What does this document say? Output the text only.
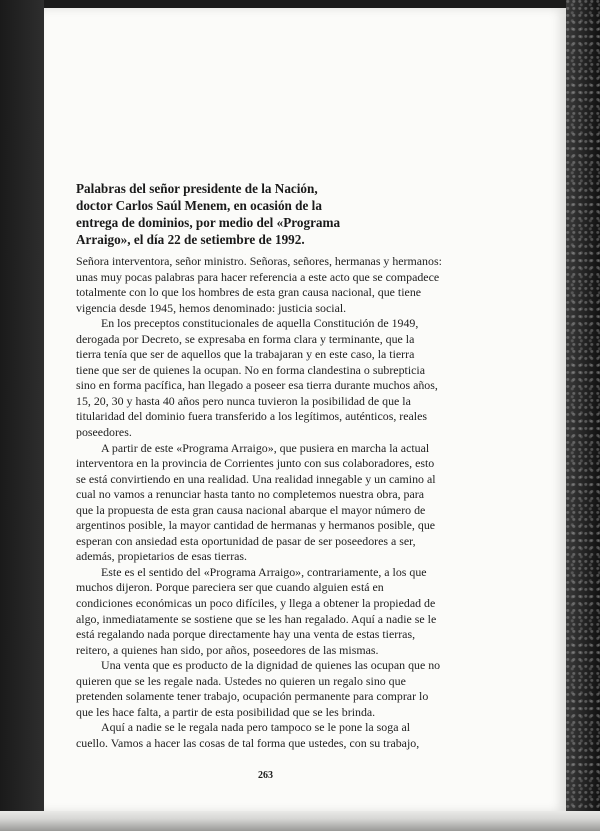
Palabras del señor presidente de la Nación,
doctor Carlos Saúl Menem, en ocasión de la
entrega de dominios, por medio del «Programa
Arraigo», el día 22 de setiembre de 1992.
Señora interventora, señor ministro. Señoras, señores, hermanas y hermanos:
unas muy pocas palabras para hacer referencia a este acto que se compadece
totalmente con lo que los hombres de esta gran causa nacional, que tiene
vigencia desde 1945, hemos denominado: justicia social.
En los preceptos constitucionales de aquella Constitución de 1949,
derogada por Decreto, se expresaba en forma clara y terminante, que la
tierra tenía que ser de aquellos que la trabajaran y en este caso, la tierra
tiene que ser de quienes la ocupan. No en forma clandestina o subrepticia
sino en forma pacífica, han llegado a poseer esa tierra durante muchos años,
15, 20, 30 y hasta 40 años pero nunca tuvieron la posibilidad de que la
titularidad del dominio fuera transferido a los legítimos, auténticos, reales
poseedores.
A partir de este «Programa Arraigo», que pusiera en marcha la actual
interventora en la provincia de Corrientes junto con sus colaboradores, esto
se está convirtiendo en una realidad. Una realidad innegable y un camino al
cual no vamos a renunciar hasta tanto no completemos nuestra obra, para
que la propuesta de esta gran causa nacional abarque el mayor número de
argentinos posible, la mayor cantidad de hermanas y hermanos posible, que
esperan con ansiedad esta oportunidad de pasar de ser poseedores a ser,
además, propietarios de esas tierras.
Este es el sentido del «Programa Arraigo», contrariamente, a los que
muchos dijeron. Porque pareciera ser que cuando alguien está en
condiciones económicas un poco difíciles, y llega a obtener la propiedad de
algo, inmediatamente se sostiene que se les han regalado. Aquí a nadie se le
está regalando nada porque directamente hay una venta de estas tierras,
reitero, a quienes han sido, por años, poseedores de las mismas.
Una venta que es producto de la dignidad de quienes las ocupan que no
quieren que se les regale nada. Ustedes no quieren un regalo sino que
pretenden solamente tener trabajo, ocupación permanente para comprar lo
que les hace falta, a partir de esta posibilidad que se les brinda.
Aquí a nadie se le regala nada pero tampoco se le pone la soga al
cuello. Vamos a hacer las cosas de tal forma que ustedes, con su trabajo,
263
